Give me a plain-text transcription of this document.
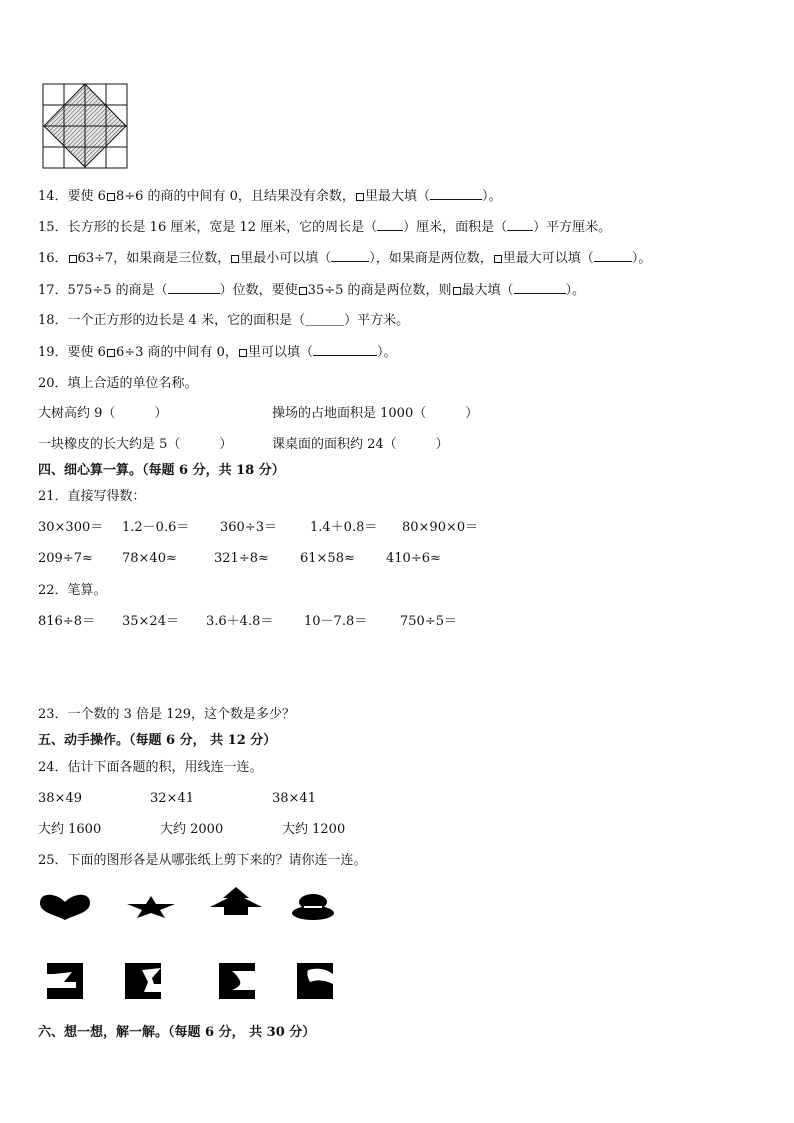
14．要使 6 8÷6 的商的中间有 0，且结果没有余数， 里最大填（	）。
15．长方形的长是 16 厘米，宽是 12 厘米，它的周长是（ ）厘米，面积是（ ）平方厘米。
16． 63÷7，如果商是三位数， 里最小可以填（	），如果商是两位数， 里最大可以填（	）。
17．575÷5 的商是（	）位数，要使 35÷5 的商是两位数，则 最大填（	）。
18．一个正方形的边长是 4 米，它的面积是（＿＿＿）平方米。
19．要使 6 6÷3 商的中间有 0， 里可以填（	）。
20．填上合适的单位名称。
大树高约 9（　　　）	操场的占地面积是 1000（　　　）
一块橡皮的长大约是 5（　　　）	课桌面的面积约 24（　　　）
四、细心算一算。（每题 6 分，共 18 分）
21．直接写得数：
30×300＝ 1.2－0.6＝ 360÷3＝	1.4＋0.8＝ 80×90×0＝
209÷7≈ 78×40≈	321÷8≈ 61×58≈ 410÷6≈
22．笔算。
816÷8＝ 35×24＝ 3.6＋4.8＝ 10－7.8＝	750÷5＝
23．一个数的 3 倍是 129，这个数是多少？
五、动手操作。（每题 6 分， 共 12 分）
24．估计下面各题的积，用线连一连。
38×49	32×41	38×41
大约 1600	大约 2000	大约 1200
25．下面的图形各是从哪张纸上剪下来的？请你连一连。
六、想一想，解一解。（每题 6 分， 共 30 分）
